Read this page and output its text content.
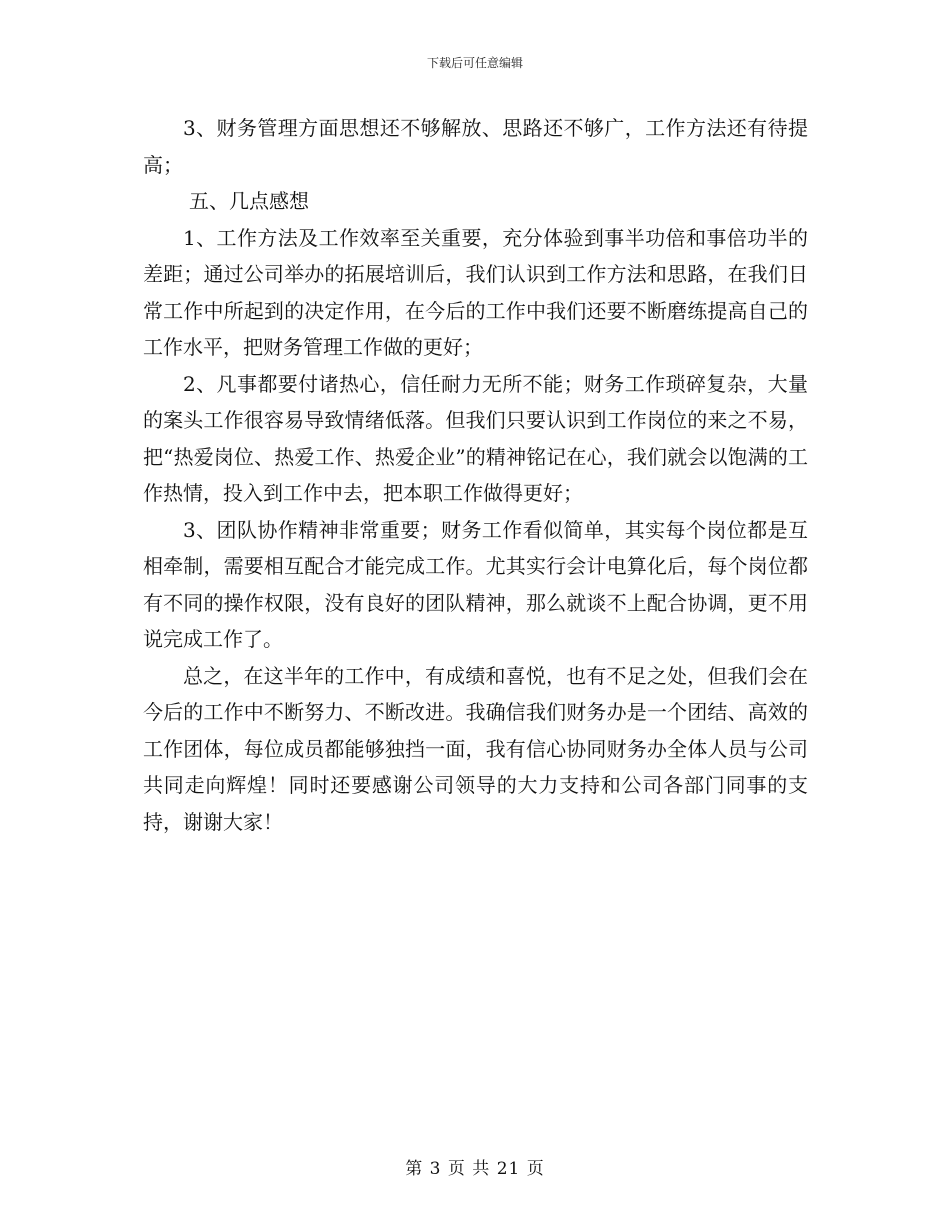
下载后可任意编辑

3、财务管理方面思想还不够解放、思路还不够广，工作方法还有待提高；

五、几点感想

1、工作方法及工作效率至关重要，充分体验到事半功倍和事倍功半的差距；通过公司举办的拓展培训后，我们认识到工作方法和思路，在我们日常工作中所起到的决定作用，在今后的工作中我们还要不断磨练提高自己的工作水平，把财务管理工作做的更好；

2、凡事都要付诸热心，信任耐力无所不能；财务工作琐碎复杂，大量的案头工作很容易导致情绪低落。但我们只要认识到工作岗位的来之不易，把“热爱岗位、热爱工作、热爱企业”的精神铭记在心，我们就会以饱满的工作热情，投入到工作中去，把本职工作做得更好；

3、团队协作精神非常重要；财务工作看似简单，其实每个岗位都是互相牵制，需要相互配合才能完成工作。尤其实行会计电算化后，每个岗位都有不同的操作权限，没有良好的团队精神，那么就谈不上配合协调，更不用说完成工作了。

总之，在这半年的工作中，有成绩和喜悦，也有不足之处，但我们会在今后的工作中不断努力、不断改进。我确信我们财务办是一个团结、高效的工作团体，每位成员都能够独挡一面，我有信心协同财务办全体人员与公司共同走向辉煌！同时还要感谢公司领导的大力支持和公司各部门同事的支持，谢谢大家！

第 3 页 共 21 页
